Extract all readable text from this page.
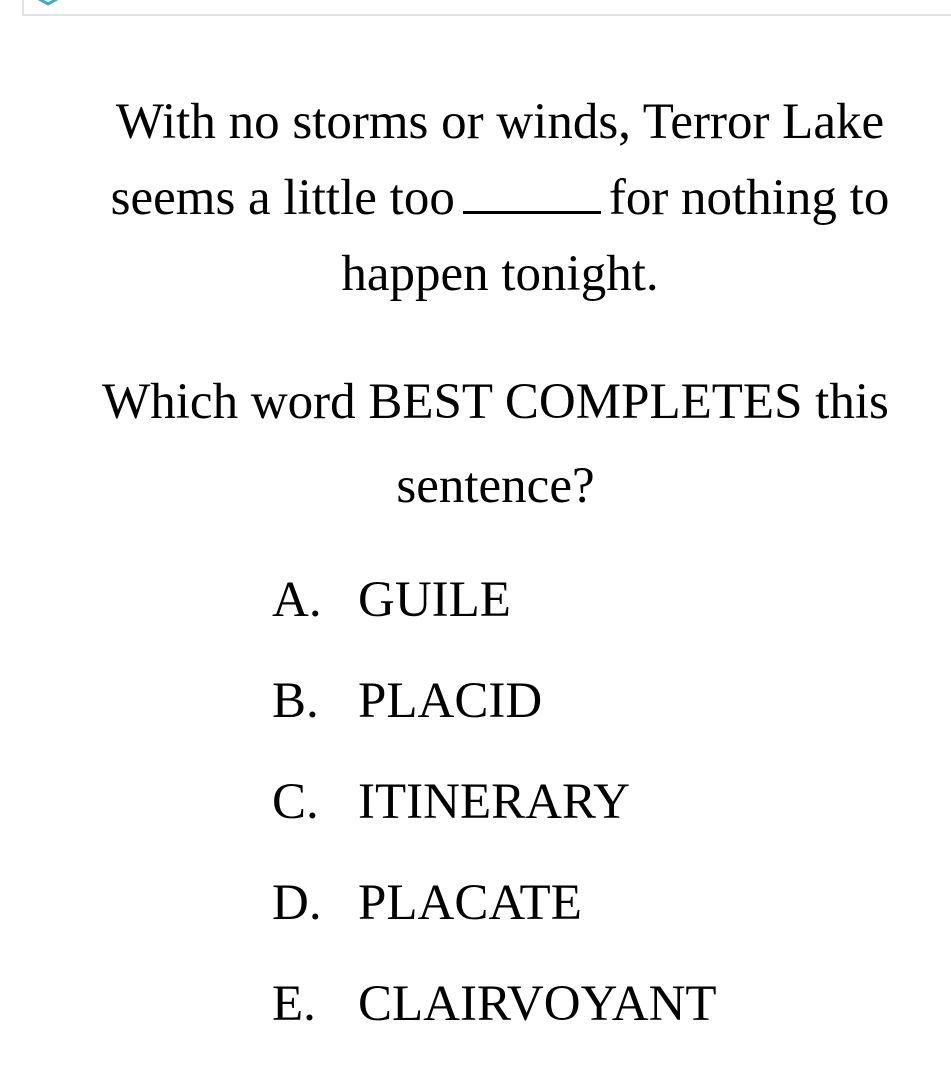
With no storms or winds, Terror Lake
seems a little too	for nothing to
happen tonight.
Which word BEST COMPLETES this
sentence?
A. GUILE
B. PLACID
C. ITINERARY
D. PLACATE
E. CLAIRVOYANT
